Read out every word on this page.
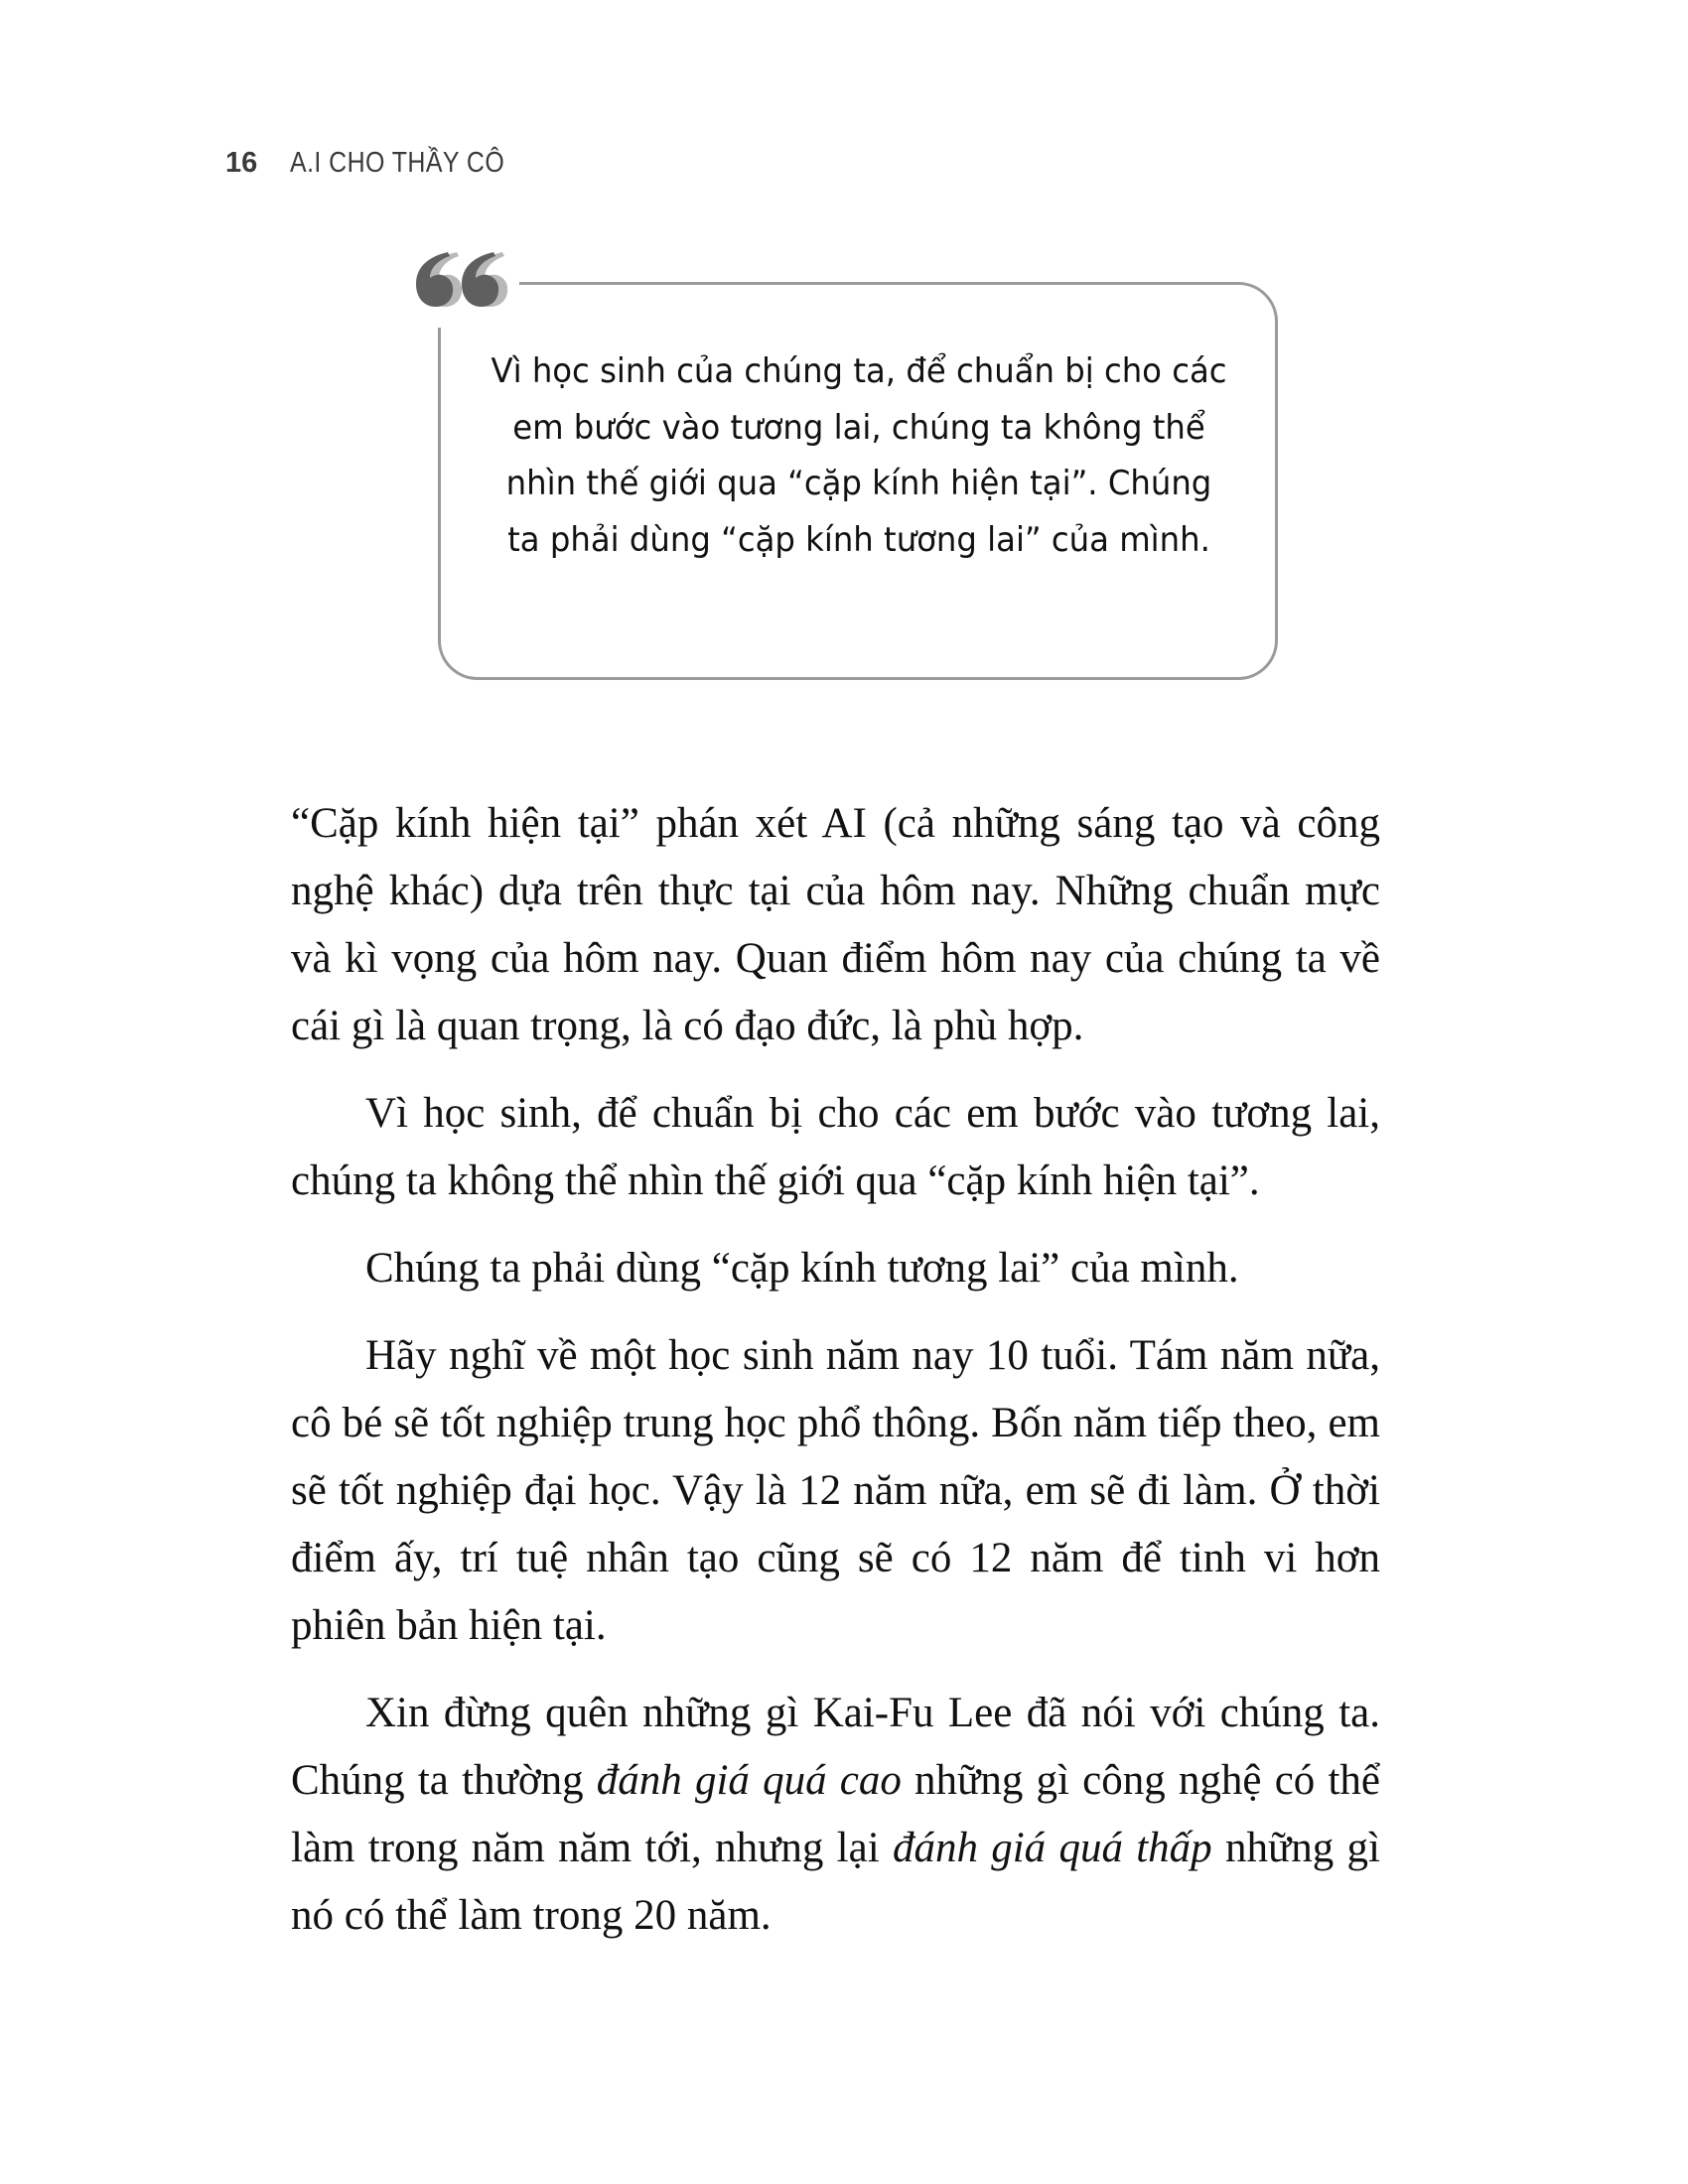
16 A.I CHO THẦY CÔ
Vì học sinh của chúng ta, để chuẩn bị cho các em bước vào tương lai, chúng ta không thể nhìn thế giới qua “cặp kính hiện tại”. Chúng ta phải dùng “cặp kính tương lai” của mình.

“Cặp kính hiện tại” phán xét AI (cả những sáng tạo và công nghệ khác) dựa trên thực tại của hôm nay. Những chuẩn mực và kì vọng của hôm nay. Quan điểm hôm nay của chúng ta về cái gì là quan trọng, là có đạo đức, là phù hợp.

Vì học sinh, để chuẩn bị cho các em bước vào tương lai, chúng ta không thể nhìn thế giới qua “cặp kính hiện tại”.

Chúng ta phải dùng “cặp kính tương lai” của mình.

Hãy nghĩ về một học sinh năm nay 10 tuổi. Tám năm nữa, cô bé sẽ tốt nghiệp trung học phổ thông. Bốn năm tiếp theo, em sẽ tốt nghiệp đại học. Vậy là 12 năm nữa, em sẽ đi làm. Ở thời điểm ấy, trí tuệ nhân tạo cũng sẽ có 12 năm để tinh vi hơn phiên bản hiện tại.

Xin đừng quên những gì Kai-Fu Lee đã nói với chúng ta. Chúng ta thường đánh giá quá cao những gì công nghệ có thể làm trong năm năm tới, nhưng lại đánh giá quá thấp những gì nó có thể làm trong 20 năm.
